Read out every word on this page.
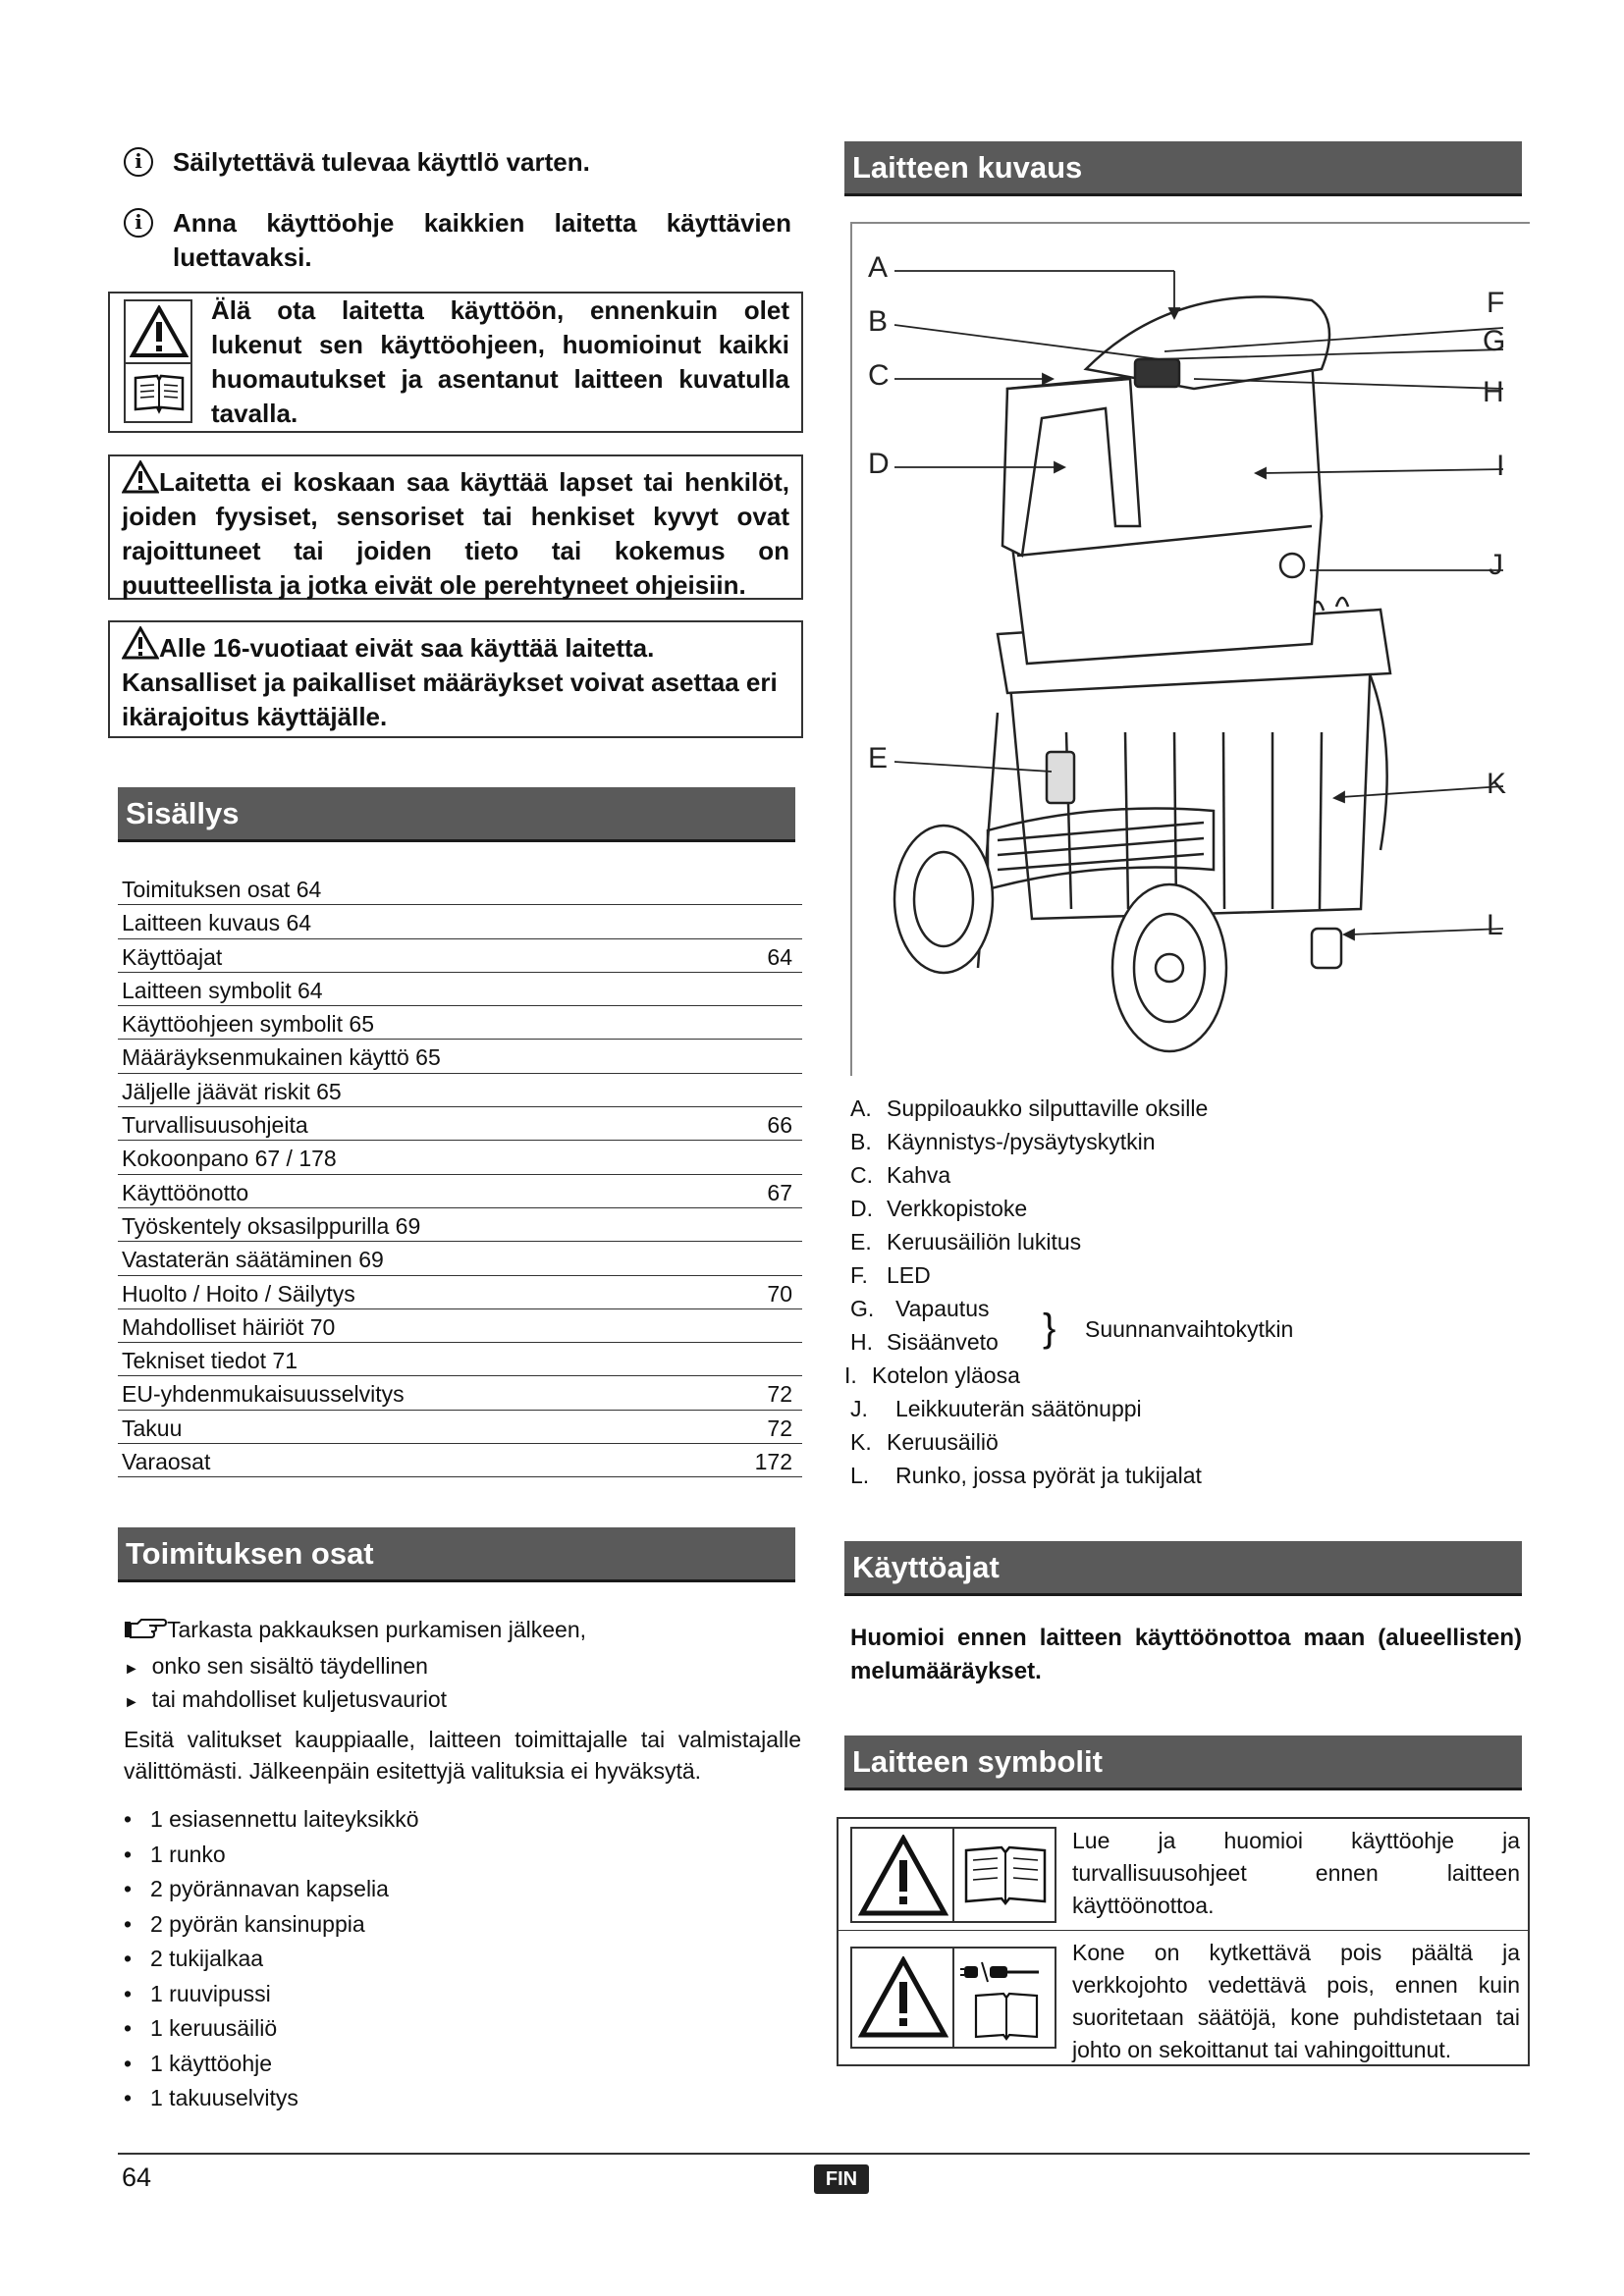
i	Säilytettävä tulevaa käyttlö varten.
i	Anna käyttöohje kaikkien laitetta käyttävien luettavaksi.
Älä ota laitetta käyttöön, ennenkuin olet lukenut sen käyttöohjeen, huomioinut kaikki huomautukset ja asentanut laitteen kuvatulla tavalla.
Laitetta ei koskaan saa käyttää lapset tai henkilöt, joiden fyysiset, sensoriset tai henkiset kyvyt ovat rajoittuneet tai joiden tieto tai kokemus on puutteellista ja jotka eivät ole perehtyneet ohjeisiin.
Alle 16-vuotiaat eivät saa käyttää laitetta.
Kansalliset ja paikalliset määräykset voivat asettaa eri ikärajoitus käyttäjälle.
Sisällys
Toimituksen osat 64
Laitteen kuvaus 64
Käyttöajat	64
Laitteen symbolit 64
Käyttöohjeen symbolit 65
Määräyksenmukainen käyttö 65
Jäljelle jäävät riskit 65
Turvallisuusohjeita	66
Kokoonpano 67 / 178
Käyttöönotto	67
Työskentely oksasilppurilla 69
Vastaterän säätäminen 69
Huolto / Hoito / Säilytys	70
Mahdolliset häiriöt 70
Tekniset tiedot 71
EU-yhdenmukaisuusselvitys	72
Takuu	72
Varaosat	172
Toimituksen osat
Tarkasta pakkauksen purkamisen jälkeen,
► onko sen sisältö täydellinen
► tai mahdolliset kuljetusvauriot
Esitä valitukset kauppiaalle, laitteen toimittajalle tai valmistajalle välittömästi. Jälkeenpäin esitettyjä valituksia ei hyväksytä.
• 1 esiasennettu laiteyksikkö
• 1 runko
• 2 pyörännavan kapselia
• 2 pyörän kansinuppia
• 2 tukijalkaa
• 1 ruuvipussi
• 1 keruusäiliö
• 1 käyttöohje
• 1 takuuselvitys
Laitteen kuvaus
A
B
C
D
E
F
G
H
I
J
K
L
A. Suppiloaukko silputtaville oksille
B. Käynnistys-/pysäytyskytkin
C. Kahva
D. Verkkopistoke
E. Keruusäiliön lukitus
F. LED
G. Vapautus
H. Sisäänveto
I. Kotelon yläosa
J. Leikkuuterän säätönuppi
K. Keruusäiliö
L. Runko, jossa pyörät ja tukijalat
} Suunnanvaihtokytkin
Käyttöajat
Huomioi ennen laitteen käyttöönottoa maan (alueellisten) melumääräykset.
Laitteen symbolit
Lue ja huomioi käyttöohje ja turvallisuusohjeet ennen laitteen käyttöönottoa.
Kone on kytkettävä pois päältä ja verkkojohto vedettävä pois, ennen kuin suoritetaan säätöjä, kone puhdistetaan tai johto on sekoittanut tai vahingoittunut.
64	FIN
